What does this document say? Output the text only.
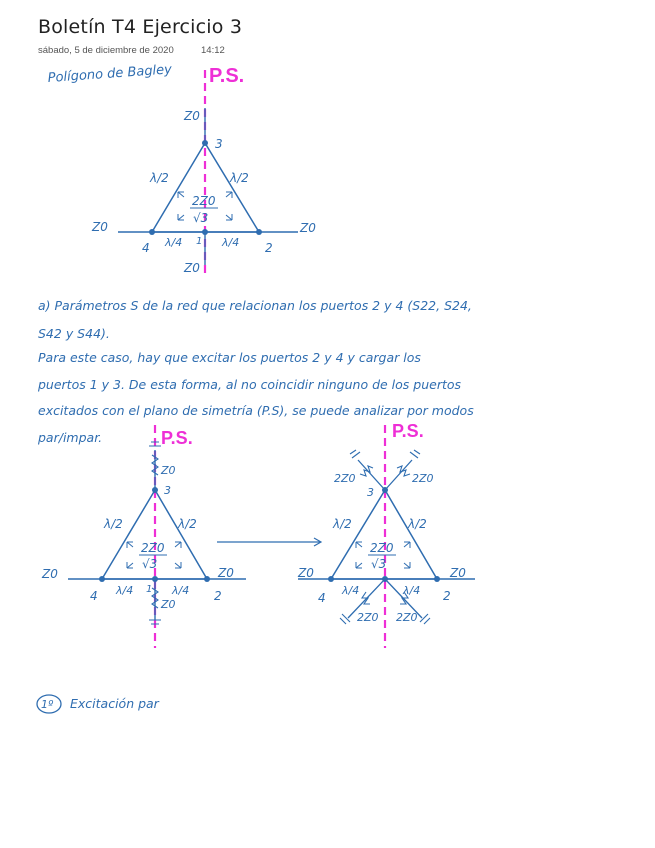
Boletín T4 Ejercicio 3
sábado, 5 de diciembre de 2020	14:12
Polígono de Bagley P.S.
Z0
3
λ/2	λ/2
2Z0
√3
Z0	Z0
4 λ/4 1 λ/4 2
Z0
a) Parámetros S de la red que relacionan los puertos 2 y 4 (S22, S24,
S42 y S44).
Para este caso, hay que excitar los puertos 2 y 4 y cargar los
puertos 1 y 3. De esta forma, al no coincidir ninguno de los puertos
excitados con el plano de simetría (P.S), se puede analizar por modos
par/impar.	P.S.
Z0
3
λ/2	λ/2
2Z0
√3
Z0	Z0
4 λ/4 1 λ/4 2
Z0
P.S.
2Z0	2Z0
3
λ/2	λ/2
2Z0
√3
Z0	Z0
4
λ/4	λ/4 2
2Z0 2Z0
1º Excitación par
